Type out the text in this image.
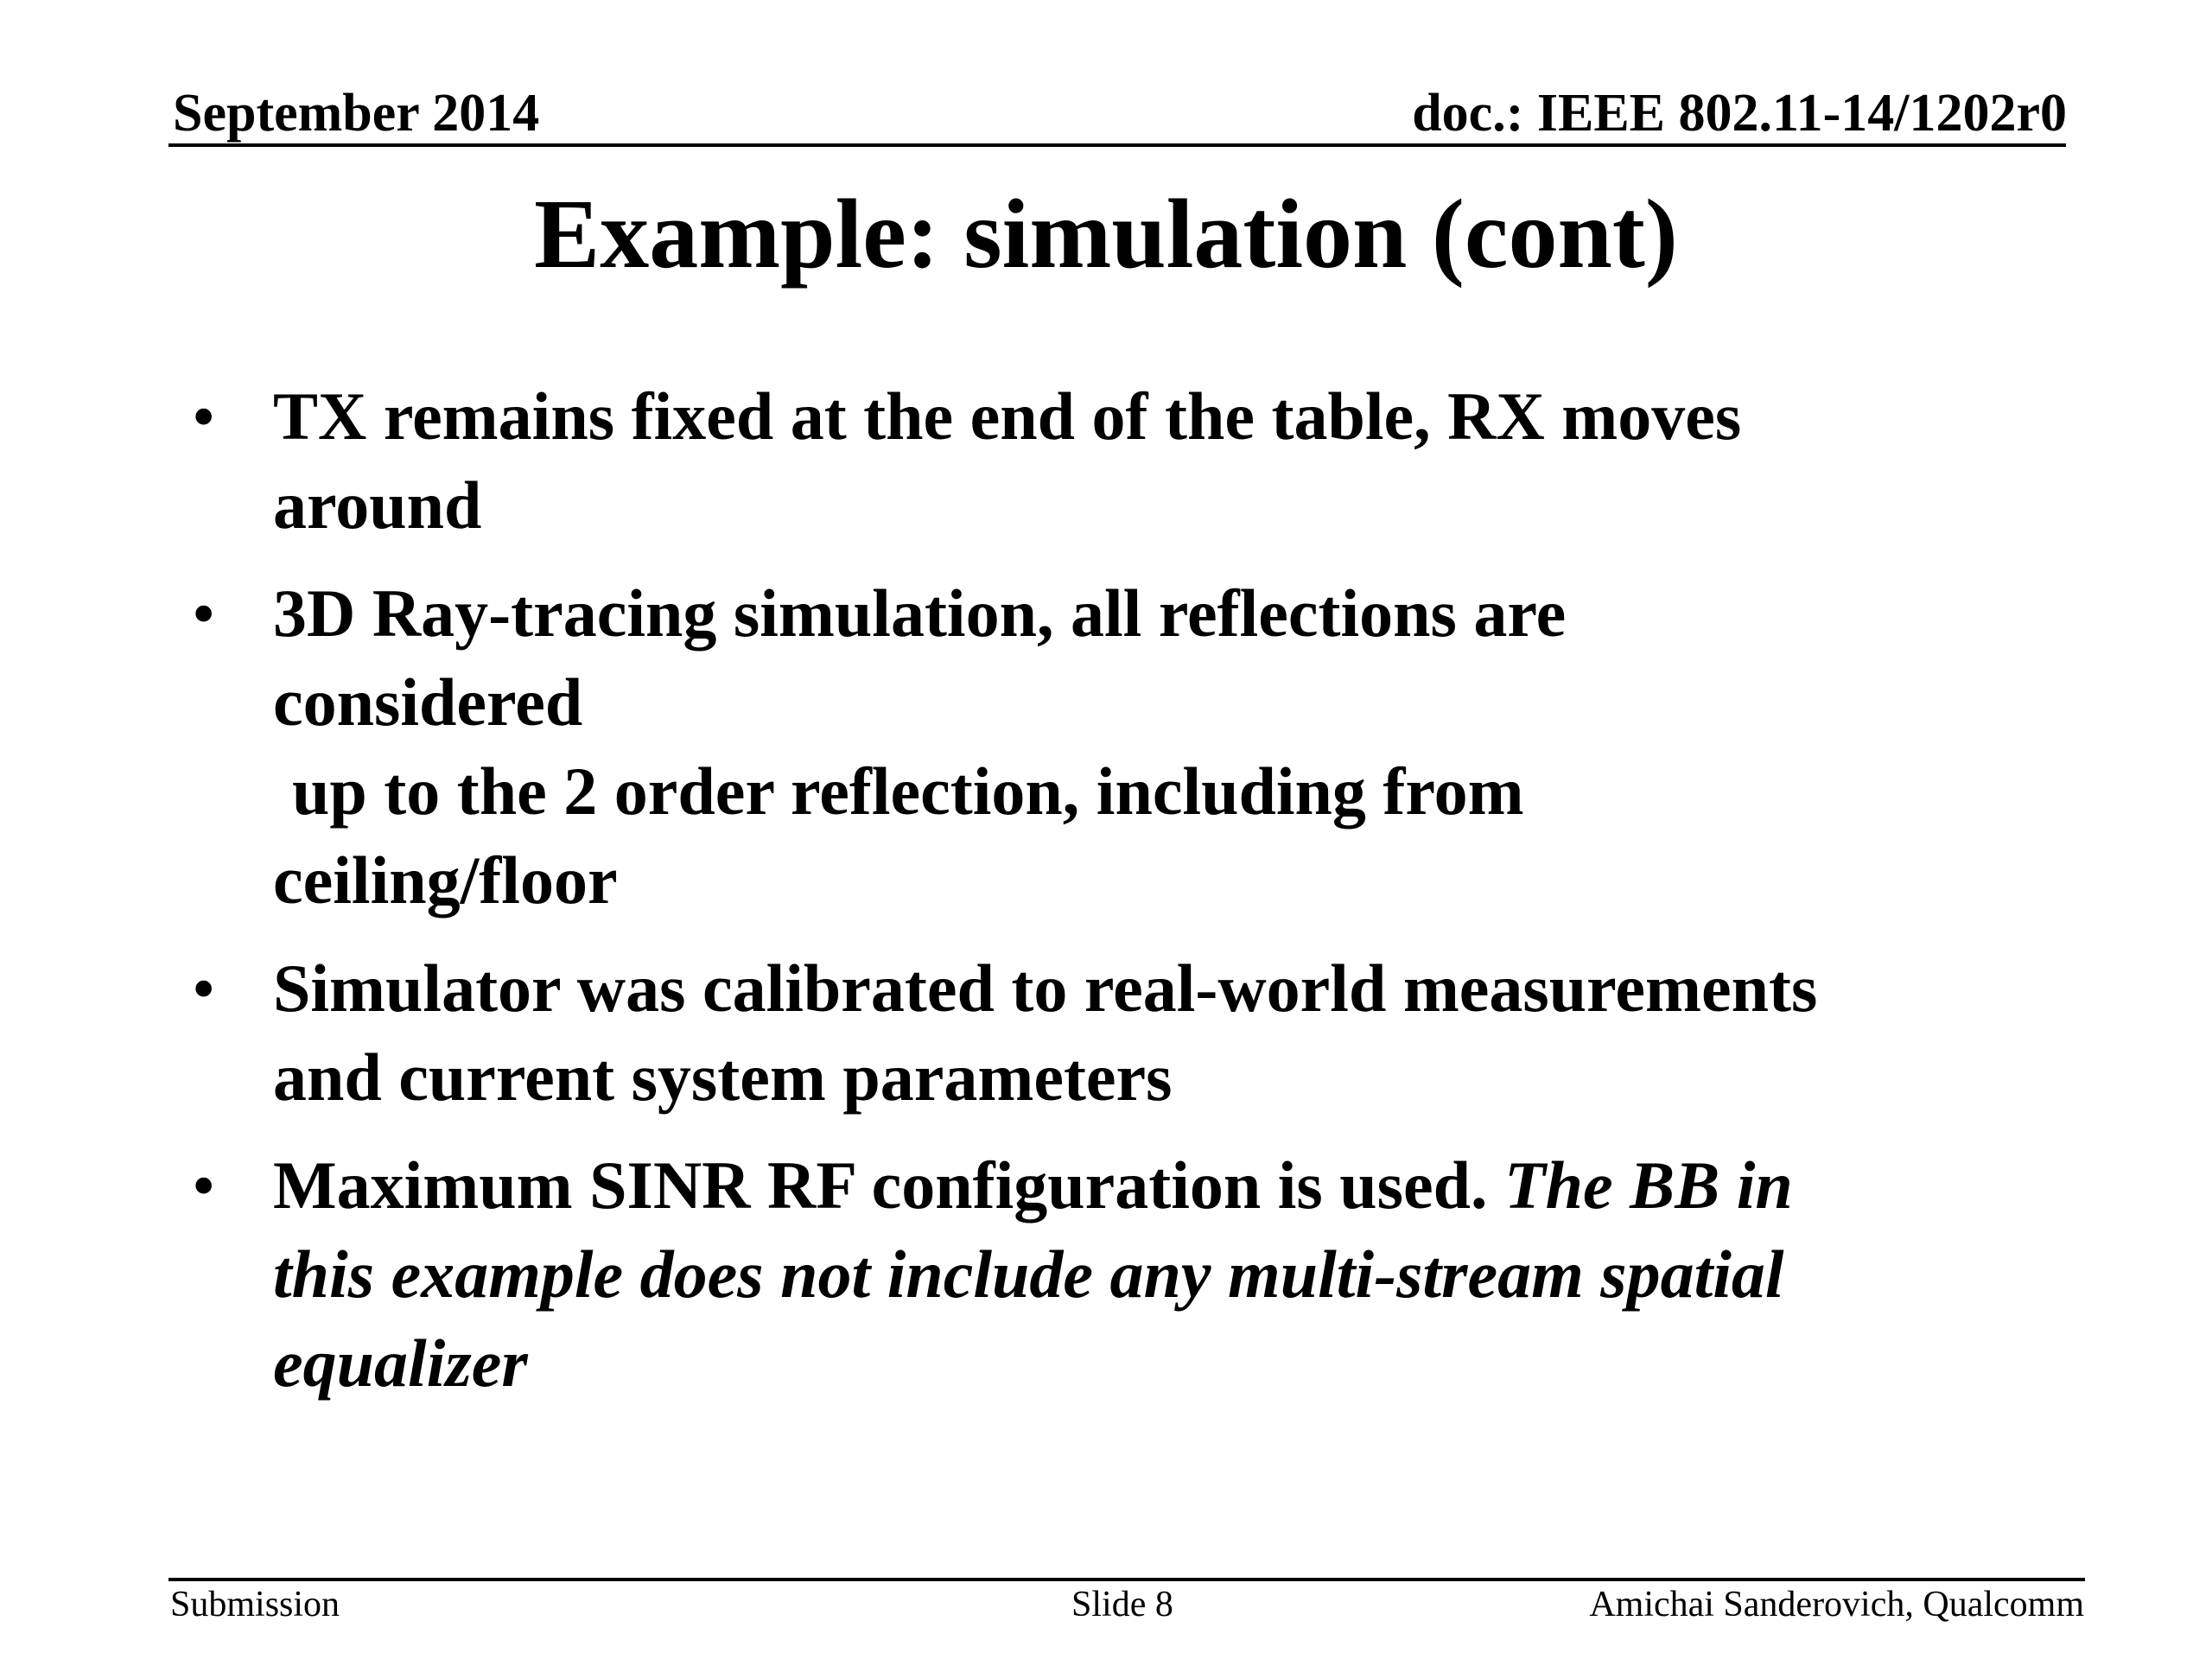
September 2014	doc.: IEEE 802.11-14/1202r0
Example: simulation (cont)
• TX remains fixed at the end of the table, RX moves
around
• 3D Ray-tracing simulation, all reflections are
considered
up to the 2 order reflection, including from
ceiling/floor
• Simulator was calibrated to real-world measurements
and current system parameters
• Maximum SINR RF configuration is used. The BB in
this example does not include any multi-stream spatial
equalizer
Submission	Slide 8	Amichai Sanderovich, Qualcomm
